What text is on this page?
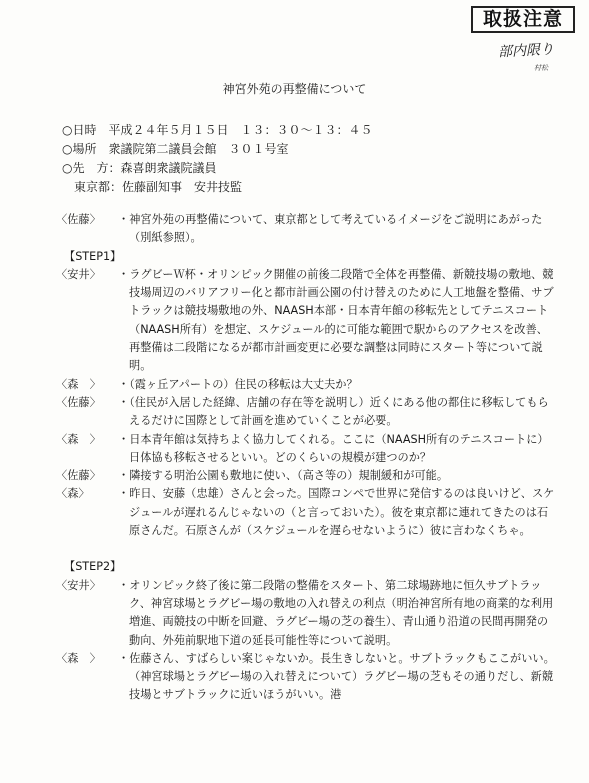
取扱注意
部内限り
村松
神宮外苑の再整備について
○日時　平成２４年５月１５日　１３：３０～１３：４５
○場所　衆議院第二議員会館　３０１号室
○先　方：森喜朗衆議院議員
東京都：佐藤副知事　安井技監
〈佐藤〉	・神宮外苑の再整備について、東京都として考えているイメージをご説明にあがった（別紙参照）。
【STEP1】
〈安井〉	・ラグビーＷ杯・オリンピック開催の前後二段階で全体を再整備、新競技場の敷地、競技場周辺のバリアフリー化と都市計画公園の付け替えのために人工地盤を整備、サブトラックは競技場敷地の外、NAASH本部・日本青年館の移転先としてテニスコート（NAASH所有）を想定、スケジュール的に可能な範囲で駅からのアクセスを改善、再整備は二段階になるが都市計画変更に必要な調整は同時にスタート等について説明。
〈森　〉	・（霞ヶ丘アパートの）住民の移転は大丈夫か？
〈佐藤〉	・（住民が入居した経緯、店舗の存在等を説明し）近くにある他の都住に移転してもらえるだけに国際として計画を進めていくことが必要。
〈森　〉	・日本青年館は気持ちよく協力してくれる。ここに（NAASH所有のテニスコートに）日体協も移転させるといい。どのくらいの規模が建つのか？
〈佐藤〉	・隣接する明治公園も敷地に使い、（高さ等の）規制緩和が可能。
〈森〉	・昨日、安藤（忠雄）さんと会った。国際コンペで世界に発信するのは良いけど、スケジュールが遅れるんじゃないの（と言っておいた）。彼を東京都に連れてきたのは石原さんだ。石原さんが（スケジュールを遅らせないように）彼に言わなくちゃ。
【STEP2】
〈安井〉	・オリンピック終了後に第二段階の整備をスタート、第二球場跡地に恒久サブトラック、神宮球場とラグビー場の敷地の入れ替えの利点（明治神宮所有地の商業的な利用増進、両競技の中断を回避、ラグビー場の芝の養生）、青山通り沿道の民間再開発の動向、外苑前駅地下道の延長可能性等について説明。
〈森　〉	・佐藤さん、すばらしい案じゃないか。長生きしないと。サブトラックもここがいい。（神宮球場とラグビー場の入れ替えについて）ラグビー場の芝もその通りだし、新競技場とサブトラックに近いほうがいい。港
